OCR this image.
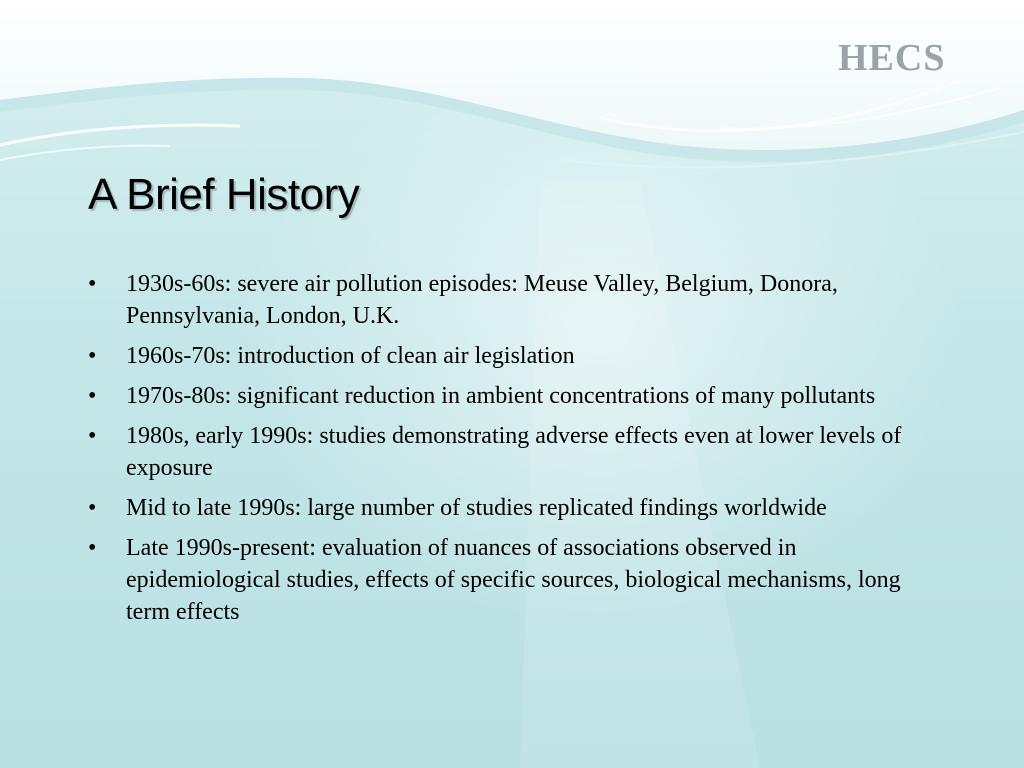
HECS
A Brief History
• 1930s-60s: severe air pollution episodes: Meuse Valley, Belgium, Donora, Pennsylvania, London, U.K.
• 1960s-70s: introduction of clean air legislation
• 1970s-80s: significant reduction in ambient concentrations of many pollutants
• 1980s, early 1990s: studies demonstrating adverse effects even at lower levels of exposure
• Mid to late 1990s: large number of studies replicated findings worldwide
• Late 1990s-present: evaluation of nuances of associations observed in epidemiological studies, effects of specific sources, biological mechanisms, long term effects
